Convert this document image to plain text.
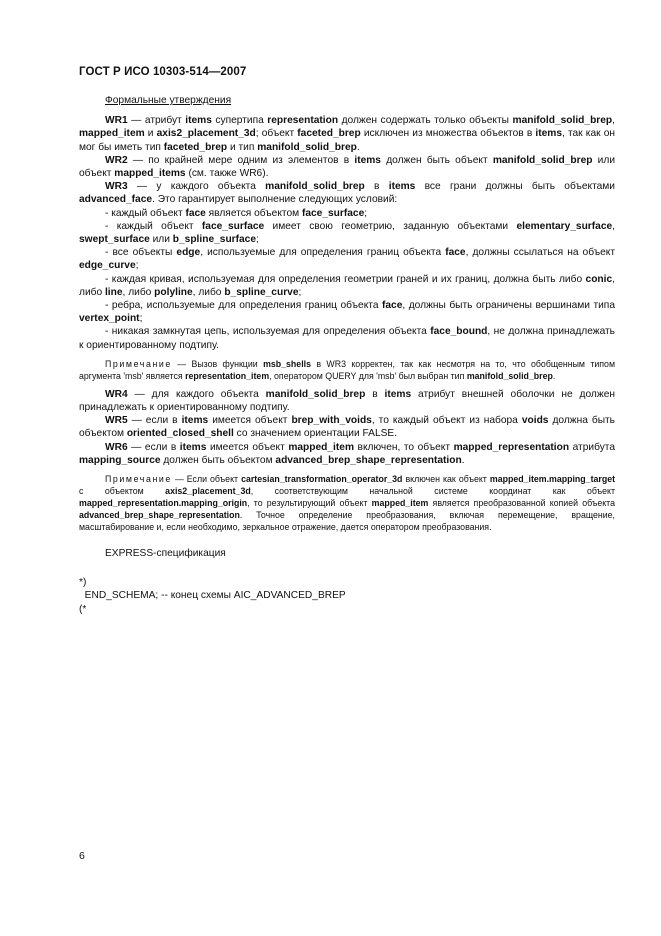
ГОСТ Р ИСО 10303-514—2007
Формальные утверждения
WR1 — атрибут items супертипа representation должен содержать только объекты manifold_solid_brep, mapped_item и axis2_placement_3d; объект faceted_brep исключен из множества объектов в items, так как он мог бы иметь тип faceted_brep и тип manifold_solid_brep.
WR2 — по крайней мере одним из элементов в items должен быть объект manifold_solid_brep или объект mapped_items (см. также WR6).
WR3 — у каждого объекта manifold_solid_brep в items все грани должны быть объектами advanced_face. Это гарантирует выполнение следующих условий:
- каждый объект face является объектом face_surface;
- каждый объект face_surface имеет свою геометрию, заданную объектами elementary_surface, swept_surface или b_spline_surface;
- все объекты edge, используемые для определения границ объекта face, должны ссылаться на объект edge_curve;
- каждая кривая, используемая для определения геометрии граней и их границ, должна быть либо conic, либо line, либо polyline, либо b_spline_curve;
- ребра, используемые для определения границ объекта face, должны быть ограничены вершинами типа vertex_point;
- никакая замкнутая цепь, используемая для определения объекта face_bound, не должна принадлежать к ориентированному подтипу.
Примечание — Вызов функции msb_shells в WR3 корректен, так как несмотря на то, что обобщенным типом аргумента 'msb' является representation_item, оператором QUERY для 'msb' был выбран тип manifold_solid_brep.
WR4 — для каждого объекта manifold_solid_brep в items атрибут внешней оболочки не должен принадлежать к ориентированному подтипу.
WR5 — если в items имеется объект brep_with_voids, то каждый объект из набора voids должна быть объектом oriented_closed_shell со значением ориентации FALSE.
WR6 — если в items имеется объект mapped_item включен, то объект mapped_representation атрибута mapping_source должен быть объектом advanced_brep_shape_representation.
Примечание — Если объект cartesian_transformation_operator_3d включен как объект mapped_item.mapping_target с объектом axis2_placement_3d, соответствующим начальной системе координат как объект mapped_representation.mapping_origin, то результирующий объект mapped_item является преобразованной копией объекта advanced_brep_shape_representation. Точное определение преобразования, включая перемещение, вращение, масштабирование и, если необходимо, зеркальное отражение, дается оператором преобразования.
EXPRESS-спецификация
*)
END_SCHEMA; -- конец схемы AIC_ADVANCED_BREP
(*
6
